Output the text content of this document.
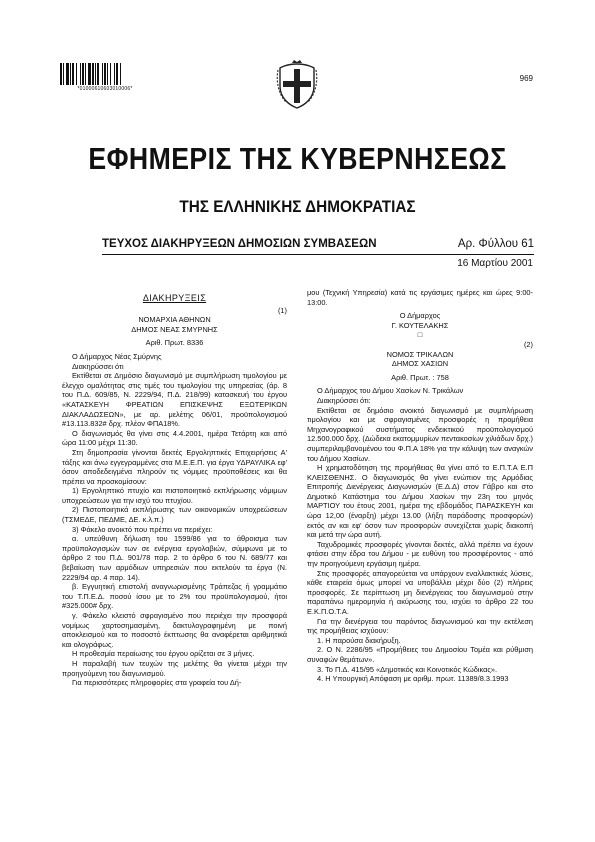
*01000610603010006*
969
ΕΦΗΜΕΡΙΣ ΤΗΣ ΚΥΒΕΡΝΗΣΕΩΣ
ΤΗΣ ΕΛΛΗΝΙΚΗΣ ΔΗΜΟΚΡΑΤΙΑΣ
ΤΕΥΧΟΣ ΔΙΑΚΗΡΥΞΕΩΝ ΔΗΜΟΣΙΩΝ ΣΥΜΒΑΣΕΩΝ	Αρ. Φύλλου 61
16 Μαρτίου 2001

ΔΙΑΚΗΡΥΞΕΙΣ

(1)

ΝΟΜΑΡΧΙΑ ΑΘΗΝΩΝ

ΔΗΜΟΣ ΝΕΑΣ ΣΜΥΡΝΗΣ

Αριθ. Πρωτ. 8336

Ο Δήμαρχος Νέας Σμύρνης

Διακηρύσσει ότι

Εκτίθεται σε Δημόσιο διαγωνισμό με συμπλήρωση τιμολογίου με έλεγχο ομαλότητας στις τιμές του τιμολογίου της υπηρεσίας (άρ. 8 του Π.Δ. 609/85, Ν. 2229/94, Π.Δ. 218/99) κατασκευή του έργου «ΚΑΤΑΣΚΕΥΗ ΦΡΕΑΤΙΩΝ ΕΠΙΣΚΕΨΗΣ ΕΞΩΤΕΡΙΚΩΝ ΔΙΑΚΛΑΔΩΣΕΩΝ», με αρ. μελέτης 06/01, προϋπολογισμού #13.113.832# δρχ. πλέον ΦΠΑ18%.

Ο διαγωνισμός θα γίνει στις 4.4.2001, ημέρα Τετάρτη και από ώρα 11:00 μέχρι 11:30.

Στη δημοπρασία γίνονται δεκτές Εργοληπτικές Επιχειρήσεις Α' τάξης και άνω εγγεγραμμένες στα Μ.Ε.Ε.Π. για έργα ΥΔΡΑΥΛΙΚΑ εφ' όσον αποδεδειγμένα πληρούν τις νόμιμες προϋποθέσεις και θα πρέπει να προσκομίσουν:

1) Εργοληπτικό πτυχίο και πιστοποιητικό εκπλήρωσης νόμιμων υποχρεώσεων για την ισχύ του πτυχίου.

2) Πιστοποιητικά εκπλήρωσης των οικονομικών υποχρεώσεων (ΤΣΜΕΔΕ, ΠΕΔΜΕ, ΔΕ. κ.λ.π.)

3) Φάκελο ανοικτό που πρέπει να περιέχει:

α. υπεύθυνη δήλωση του 1599/86 για το άθροισμα των προϋπολογισμών των σε ενέργεια εργολαβιών, σύμφωνα με το άρθρο 2 του Π.Δ. 901/78 παρ. 2 το άρθρο 6 του Ν. 689/77 και βεβαίωση των αρμόδιων υπηρεσιών που εκτελούν τα έργα (Ν. 2229/94 αρ. 4 παρ. 14).

β. Εγγυητική επιστολή αναγνωρισμένης Τράπεζας ή γραμμάτιο του Τ.Π.Ε.Δ. ποσού ίσου με το 2% του προϋπολογισμού, ήτοι #325.000# δρχ.

γ. Φάκελο κλειστό σφραγισμένο που περιέχει την προσφορά νομίμως χαρτοσημασμένη, δακτυλογραφημένη με ποινή αποκλεισμού και το ποσοστό έκπτωσης θα αναφέρεται αριθμητικά και ολογράφως.

Η προθεσμία περαίωσης του έργου ορίζεται σε 3 μήνες.

Η παραλαβή των τευχών της μελέτης θα γίνεται μέχρι την προηγούμενη του διαγωνισμού.

Για περισσότερες πληροφορίες στα γραφεία του Δή-

μου (Τεχνική Υπηρεσία) κατά τις εργάσιμες ημέρες και ώρες 9:00-13:00.

Ο Δήμαρχος

Γ. ΚΟΥΤΕΛΑΚΗΣ

□

(2)

ΝΟΜΟΣ ΤΡΙΚΑΛΩΝ

ΔΗΜΟΣ ΧΑΣΙΩΝ

Αριθ. Πρωτ. : 758

Ο Δήμαρχος του Δήμου Χασίων Ν. Τρικάλων

Διακηρύσσει ότι:

Εκτίθεται σε δημόσιο ανοικτό διαγωνισμό με συμπλήρωση τιμολογίου και με σφραγισμένες προσφορές η προμήθεια Μηχανογραφικού συστήματος ενδεικτικού προϋπολογισμού 12.500.000 δρχ. (Δώδεκα εκατομμυρίων πεντακοσίων χιλιάδων δρχ.) συμπεριλαμβανομένου του Φ.Π.Α 18% για την κάλυψη των αναγκών του Δήμου Χασίων.

Η χρηματοδότηση της προμήθειας θα γίνει από το Ε.Π.Τ.Α Ε.Π ΚΛΕΙΣΘΕΝΗΣ. Ο διαγωνισμός θα γίνει ενώπιον της Αρμόδιας Επιτροπής Διενέργειας Διαγωνισμών (Ε.Δ.Δ) στον Γάβρο και στο Δημοτικό Κατάστημα του Δήμου Χασίων την 23η του μηνός ΜΑΡΤΙΟΥ του έτους 2001, ημέρα της εβδομάδος ΠΑΡΑΣΚΕΥΗ και ώρα 12,00 (έναρξη) μέχρι 13.00 (λήξη παράδοσης προσφορών) εκτός αν και εφ' όσον των προσφορών συνεχίζεται χωρίς διακοπή και μετά την ώρα αυτή.

Ταχυδρομικές προσφορές γίνονται δεκτές, αλλά πρέπει να έχουν φτάσει στην έδρα του Δήμου - με ευθύνη του προσφέροντος - από την προηγούμενη εργάσιμη ημέρα.

Στις προσφορές απαγορεύεται να υπάρχουν εναλλακτικές λύσεις, κάθε εταιρεία όμως μπορεί να υποβάλλει μέχρι δύο (2) πλήρεις προσφορές. Σε περίπτωση μη διενέργειας του διαγωνισμού στην παραπάνω ημερομηνία ή ακύρωσης του, ισχύει το άρθρο 22 του Ε.Κ.Π.Ο.Τ.Α.

Για την διενέργεια του παρόντος διαγωνισμού και την εκτέλεση της προμήθειας ισχύουν:

1. Η παρούσα διακήρυξη.

2. Ο Ν. 2286/95 «Προμήθειες του Δημοσίου Τομέα και ρύθμιση συναφών θεμάτων».

3. Το Π.Δ. 415/95 «Δημοτικός και Κοινοτικός Κώδικας».

4. Η Υπουργική Απόφαση με αριθμ. πρωτ. 11389/8.3.1993
